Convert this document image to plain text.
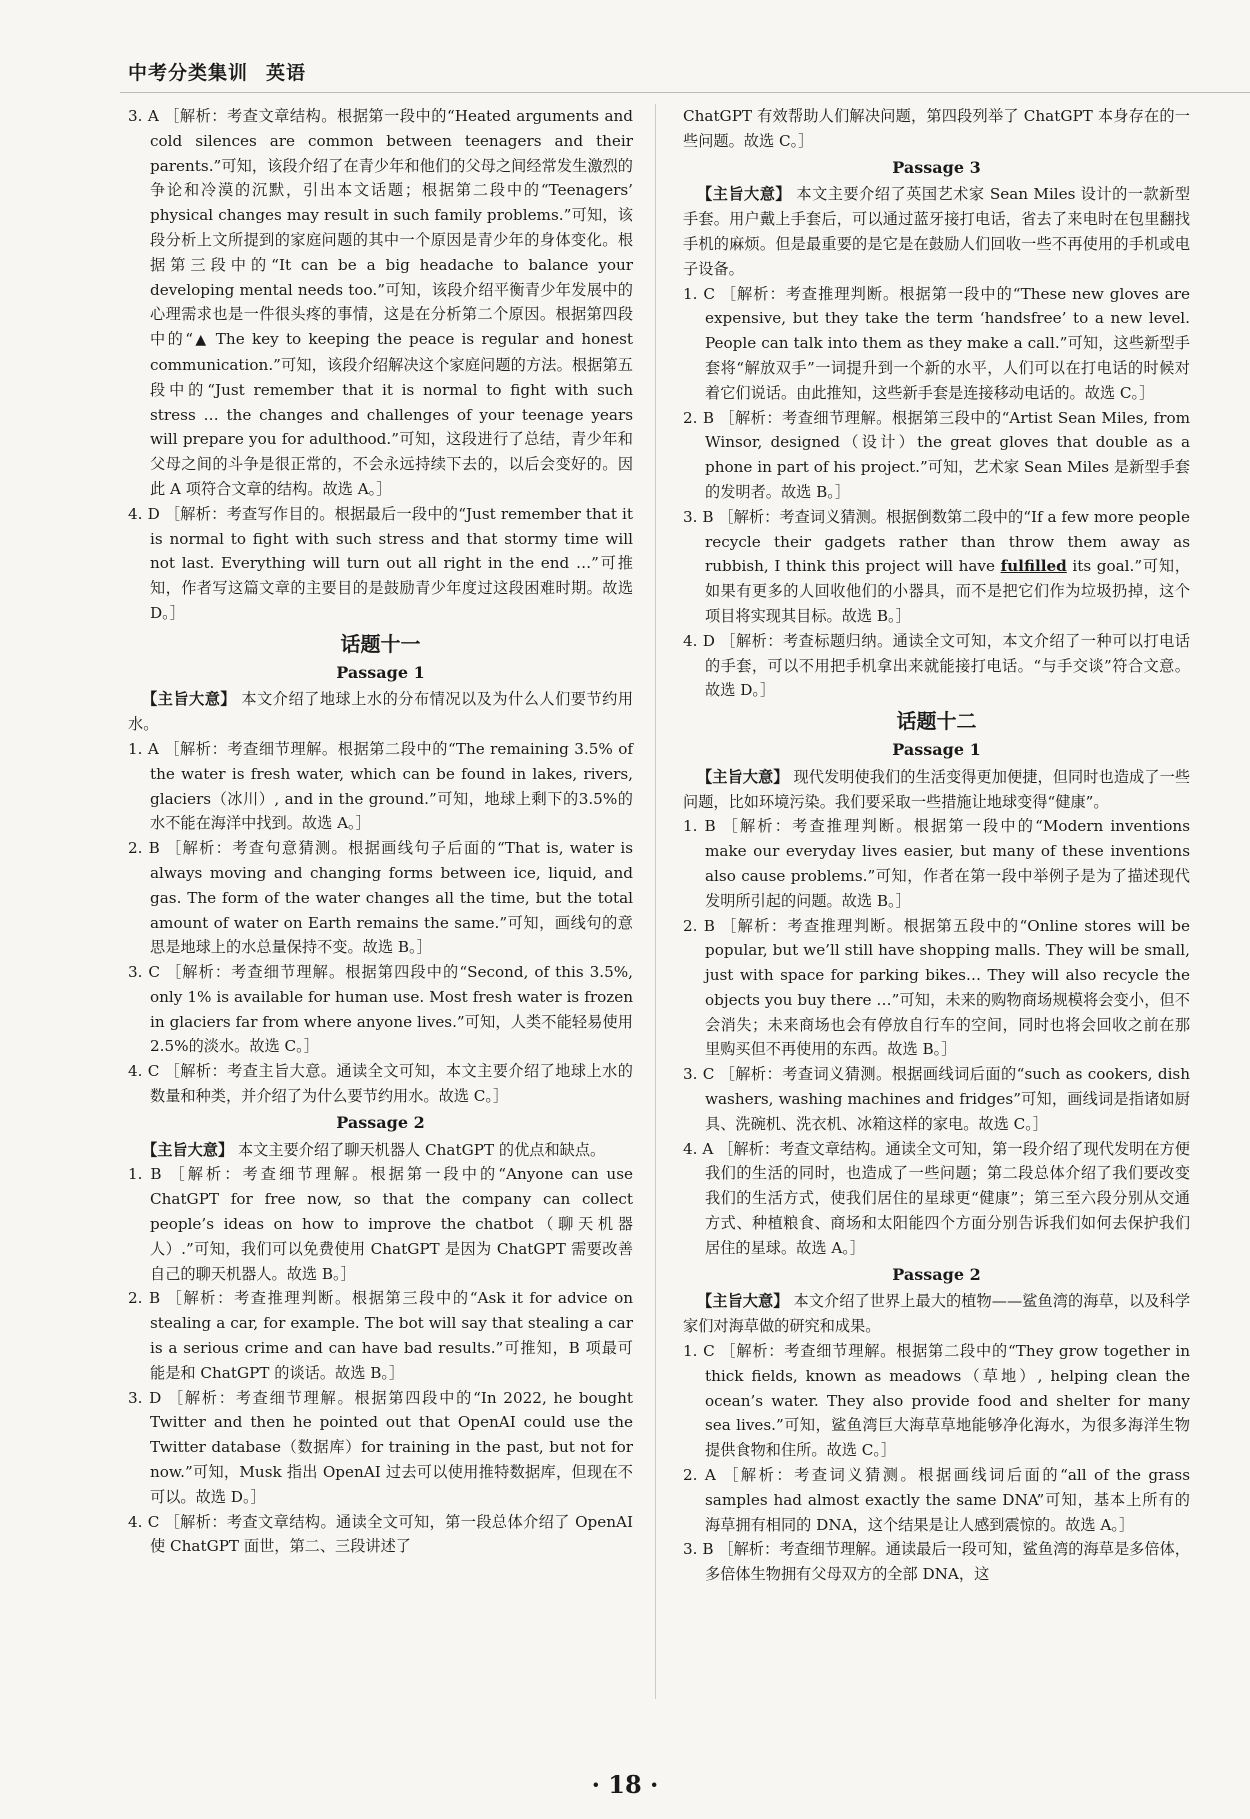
中考分类集训 英语

3. A ［解析：考查文章结构。根据第一段中的“Heated arguments and cold silences are common between teenagers and their parents.”可知，该段介绍了在青少年和他们的父母之间经常发生激烈的争论和冷漠的沉默，引出本文话题；根据第二段中的“Teenagers’ physical changes may result in such family problems.”可知，该段分析上文所提到的家庭问题的其中一个原因是青少年的身体变化。根据第三段中的“It can be a big headache to balance your developing mental needs too.”可知，该段介绍平衡青少年发展中的心理需求也是一件很头疼的事情，这是在分析第二个原因。根据第四段中的“▲ The key to keeping the peace is regular and honest communication.”可知，该段介绍解决这个家庭问题的方法。根据第五段中的“Just remember that it is normal to fight with such stress … the changes and challenges of your teenage years will prepare you for adulthood.”可知，这段进行了总结，青少年和父母之间的斗争是很正常的，不会永远持续下去的，以后会变好的。因此 A 项符合文章的结构。故选 A。］

4. D ［解析：考查写作目的。根据最后一段中的“Just remember that it is normal to fight with such stress and that stormy time will not last. Everything will turn out all right in the end …”可推知，作者写这篇文章的主要目的是鼓励青少年度过这段困难时期。故选 D。］

话题十一
Passage 1

【主旨大意】 本文介绍了地球上水的分布情况以及为什么人们要节约用水。

1. A ［解析：考查细节理解。根据第二段中的“The remaining 3.5% of the water is fresh water, which can be found in lakes, rivers, glaciers（冰川）, and in the ground.”可知，地球上剩下的3.5%的水不能在海洋中找到。故选 A。］

2. B ［解析：考查句意猜测。根据画线句子后面的“That is, water is always moving and changing forms between ice, liquid, and gas. The form of the water changes all the time, but the total amount of water on Earth remains the same.”可知，画线句的意思是地球上的水总量保持不变。故选 B。］

3. C ［解析：考查细节理解。根据第四段中的“Second, of this 3.5%, only 1% is available for human use. Most fresh water is frozen in glaciers far from where anyone lives.”可知，人类不能轻易使用 2.5%的淡水。故选 C。］

4. C ［解析：考查主旨大意。通读全文可知，本文主要介绍了地球上水的数量和种类，并介绍了为什么要节约用水。故选 C。］

Passage 2

【主旨大意】 本文主要介绍了聊天机器人 ChatGPT 的优点和缺点。

1. B ［解析：考查细节理解。根据第一段中的“Anyone can use ChatGPT for free now, so that the company can collect people’s ideas on how to improve the chatbot（聊天机器人）.”可知，我们可以免费使用 ChatGPT 是因为 ChatGPT 需要改善自己的聊天机器人。故选 B。］

2. B ［解析：考查推理判断。根据第三段中的“Ask it for advice on stealing a car, for example. The bot will say that stealing a car is a serious crime and can have bad results.”可推知，B 项最可能是和 ChatGPT 的谈话。故选 B。］

3. D ［解析：考查细节理解。根据第四段中的“In 2022, he bought Twitter and then he pointed out that OpenAI could use the Twitter database（数据库）for training in the past, but not for now.”可知，Musk 指出 OpenAI 过去可以使用推特数据库，但现在不可以。故选 D。］

4. C ［解析：考查文章结构。通读全文可知，第一段总体介绍了 OpenAI 使 ChatGPT 面世，第二、三段讲述了

ChatGPT 有效帮助人们解决问题，第四段列举了 ChatGPT 本身存在的一些问题。故选 C。］

Passage 3

【主旨大意】 本文主要介绍了英国艺术家 Sean Miles 设计的一款新型手套。用户戴上手套后，可以通过蓝牙接打电话，省去了来电时在包里翻找手机的麻烦。但是最重要的是它是在鼓励人们回收一些不再使用的手机或电子设备。

1. C ［解析：考查推理判断。根据第一段中的“These new gloves are expensive, but they take the term ‘handsfree’ to a new level. People can talk into them as they make a call.”可知，这些新型手套将“解放双手”一词提升到一个新的水平，人们可以在打电话的时候对着它们说话。由此推知，这些新手套是连接移动电话的。故选 C。］

2. B ［解析：考查细节理解。根据第三段中的“Artist Sean Miles, from Winsor, designed（设计）the great gloves that double as a phone in part of his project.”可知，艺术家 Sean Miles 是新型手套的发明者。故选 B。］

3. B ［解析：考查词义猜测。根据倒数第二段中的“If a few more people recycle their gadgets rather than throw them away as rubbish, I think this project will have fulfilled its goal.”可知，如果有更多的人回收他们的小器具，而不是把它们作为垃圾扔掉，这个项目将实现其目标。故选 B。］

4. D ［解析：考查标题归纳。通读全文可知，本文介绍了一种可以打电话的手套，可以不用把手机拿出来就能接打电话。“与手交谈”符合文意。故选 D。］

话题十二
Passage 1

【主旨大意】 现代发明使我们的生活变得更加便捷，但同时也造成了一些问题，比如环境污染。我们要采取一些措施让地球变得“健康”。

1. B ［解析：考查推理判断。根据第一段中的“Modern inventions make our everyday lives easier, but many of these inventions also cause problems.”可知，作者在第一段中举例子是为了描述现代发明所引起的问题。故选 B。］

2. B ［解析：考查推理判断。根据第五段中的“Online stores will be popular, but we’ll still have shopping malls. They will be small, just with space for parking bikes… They will also recycle the objects you buy there …”可知，未来的购物商场规模将会变小，但不会消失；未来商场也会有停放自行车的空间，同时也将会回收之前在那里购买但不再使用的东西。故选 B。］

3. C ［解析：考查词义猜测。根据画线词后面的“such as cookers, dish washers, washing machines and fridges”可知，画线词是指诸如厨具、洗碗机、洗衣机、冰箱这样的家电。故选 C。］

4. A ［解析：考查文章结构。通读全文可知，第一段介绍了现代发明在方便我们的生活的同时，也造成了一些问题；第二段总体介绍了我们要改变我们的生活方式，使我们居住的星球更“健康”；第三至六段分别从交通方式、种植粮食、商场和太阳能四个方面分别告诉我们如何去保护我们居住的星球。故选 A。］

Passage 2

【主旨大意】 本文介绍了世界上最大的植物——鲨鱼湾的海草，以及科学家们对海草做的研究和成果。

1. C ［解析：考查细节理解。根据第二段中的“They grow together in thick fields, known as meadows（草地）, helping clean the ocean’s water. They also provide food and shelter for many sea lives.”可知，鲨鱼湾巨大海草草地能够净化海水，为很多海洋生物提供食物和住所。故选 C。］

2. A ［解析：考查词义猜测。根据画线词后面的“all of the grass samples had almost exactly the same DNA”可知，基本上所有的海草拥有相同的 DNA，这个结果是让人感到震惊的。故选 A。］

3. B ［解析：考查细节理解。通读最后一段可知，鲨鱼湾的海草是多倍体，多倍体生物拥有父母双方的全部 DNA，这

· 18 ·
